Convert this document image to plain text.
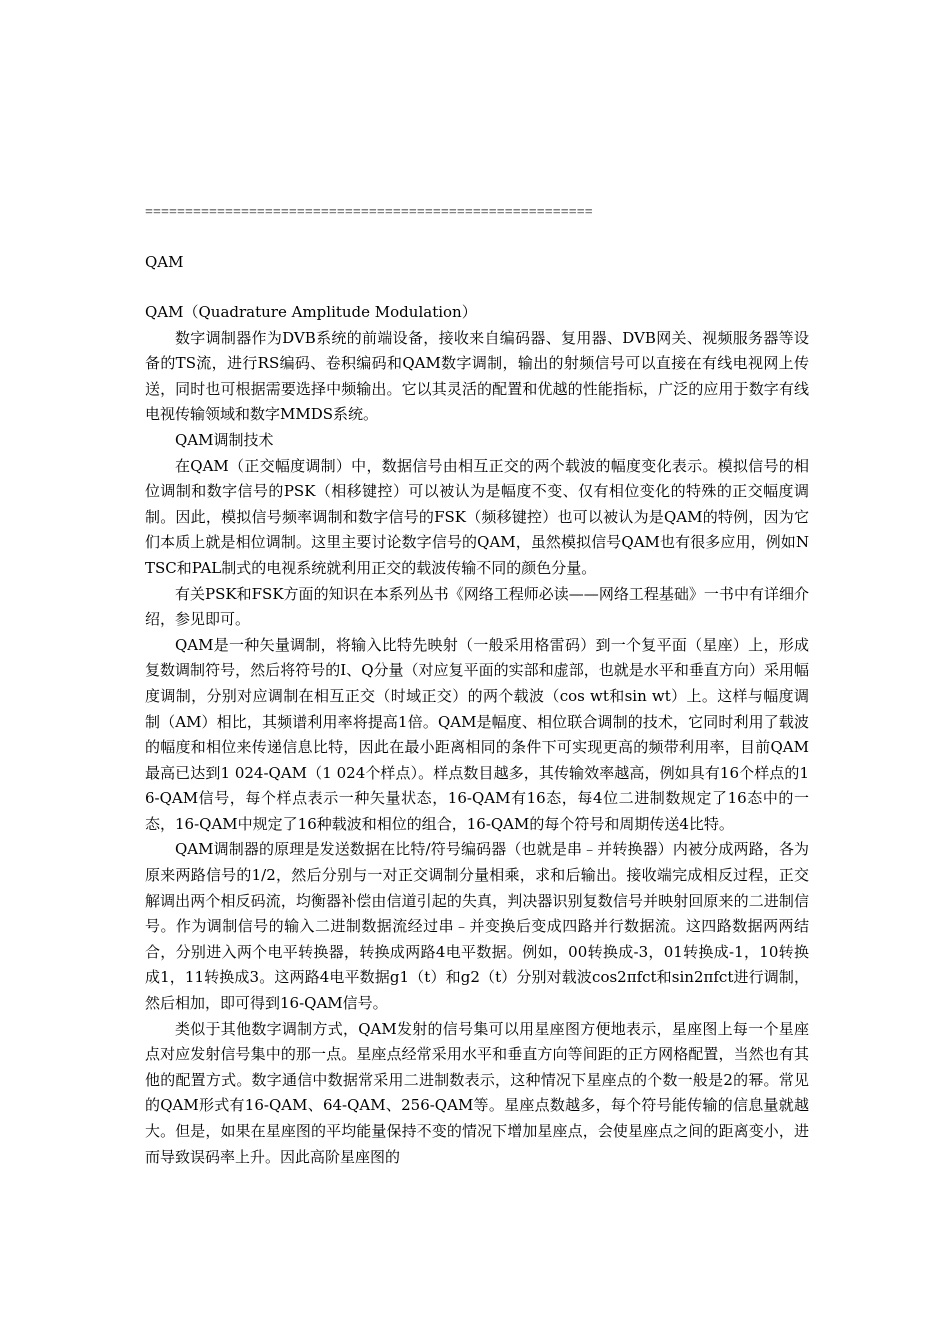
========================================================
QAM
QAM（Quadrature Amplitude Modulation）

数字调制器作为DVB系统的前端设备，接收来自编码器、复用器、DVB网关、视频服务器等设备的TS流，进行RS编码、卷积编码和QAM数字调制，输出的射频信号可以直接在有线电视网上传送，同时也可根据需要选择中频输出。它以其灵活的配置和优越的性能指标，广泛的应用于数字有线电视传输领域和数字MMDS系统。

QAM调制技术

在QAM（正交幅度调制）中，数据信号由相互正交的两个载波的幅度变化表示。模拟信号的相位调制和数字信号的PSK（相移键控）可以被认为是幅度不变、仅有相位变化的特殊的正交幅度调制。因此，模拟信号频率调制和数字信号的FSK（频移键控）也可以被认为是QAM的特例，因为它们本质上就是相位调制。这里主要讨论数字信号的QAM，虽然模拟信号QAM也有很多应用，例如NTSC和PAL制式的电视系统就利用正交的载波传输不同的颜色分量。

有关PSK和FSK方面的知识在本系列丛书《网络工程师必读——网络工程基础》一书中有详细介绍，参见即可。

QAM是一种矢量调制，将输入比特先映射（一般采用格雷码）到一个复平面（星座）上，形成复数调制符号，然后将符号的I、Q分量（对应复平面的实部和虚部，也就是水平和垂直方向）采用幅度调制，分别对应调制在相互正交（时域正交）的两个载波（cos wt和sin wt）上。这样与幅度调制（AM）相比，其频谱利用率将提高1倍。QAM是幅度、相位联合调制的技术，它同时利用了载波的幅度和相位来传递信息比特，因此在最小距离相同的条件下可实现更高的频带利用率，目前QAM最高已达到1 024-QAM（1 024个样点）。样点数目越多，其传输效率越高，例如具有16个样点的16-QAM信号，每个样点表示一种矢量状态，16-QAM有16态，每4位二进制数规定了16态中的一态，16-QAM中规定了16种载波和相位的组合，16-QAM的每个符号和周期传送4比特。

QAM调制器的原理是发送数据在比特/符号编码器（也就是串﹣并转换器）内被分成两路，各为原来两路信号的1/2，然后分别与一对正交调制分量相乘，求和后输出。接收端完成相反过程，正交解调出两个相反码流，均衡器补偿由信道引起的失真，判决器识别复数信号并映射回原来的二进制信号。作为调制信号的输入二进制数据流经过串﹣并变换后变成四路并行数据流。这四路数据两两结合，分别进入两个电平转换器，转换成两路4电平数据。例如，00转换成-3，01转换成-1，10转换成1，11转换成3。这两路4电平数据g1（t）和g2（t）分别对载波cos2πfct和sin2πfct进行调制，然后相加，即可得到16-QAM信号。

类似于其他数字调制方式，QAM发射的信号集可以用星座图方便地表示，星座图上每一个星座点对应发射信号集中的那一点。星座点经常采用水平和垂直方向等间距的正方网格配置，当然也有其他的配置方式。数字通信中数据常采用二进制数表示，这种情况下星座点的个数一般是2的幂。常见的QAM形式有16-QAM、64-QAM、256-QAM等。星座点数越多，每个符号能传输的信息量就越大。但是，如果在星座图的平均能量保持不变的情况下增加星座点，会使星座点之间的距离变小，进而导致误码率上升。因此高阶星座图的
